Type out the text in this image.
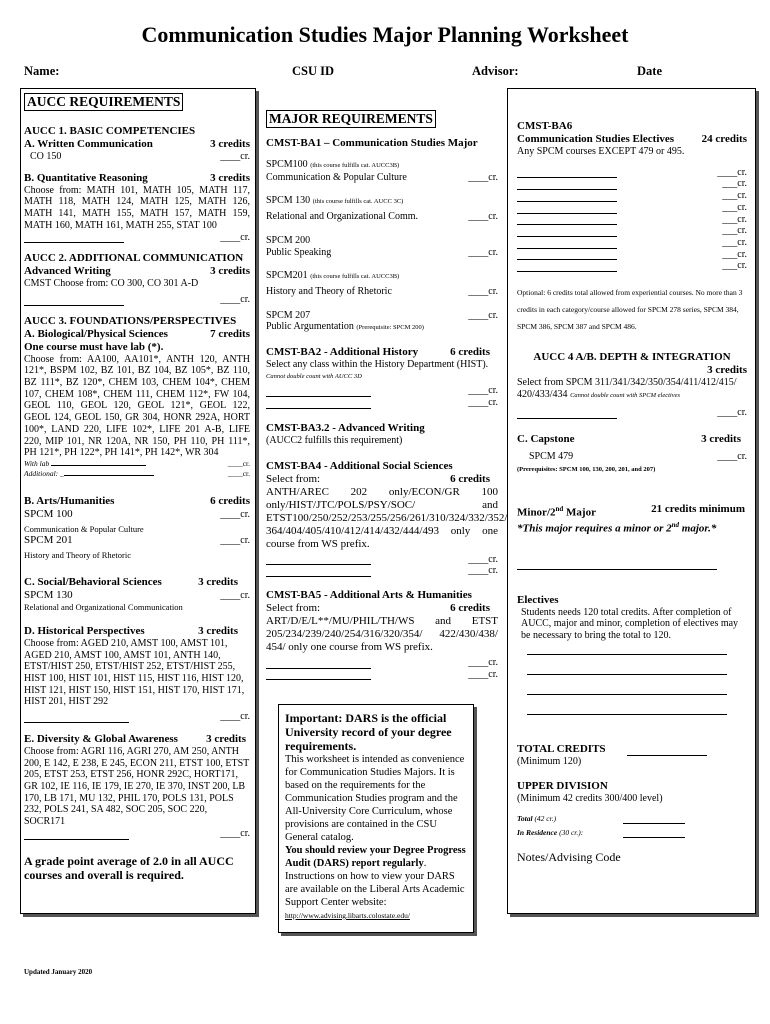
Communication Studies Major Planning Worksheet
Name:	CSU ID	Advisor:	Date
AUCC REQUIREMENTS
AUCC 1. BASIC COMPETENCIES
A. Written Communication	3 credits
CO 150	____cr.
B. Quantitative Reasoning	3 credits
Choose from: MATH 101, MATH 105, MATH 117, MATH 118, MATH 124, MATH 125, MATH 126, MATH 141, MATH 155, MATH 157, MATH 159, MATH 160, MATH 161, MATH 255, STAT 100
____cr.
AUCC 2. ADDITIONAL COMMUNICATION
Advanced Writing	3 credits
CMST Choose from: CO 300, CO 301 A-D
____cr.
AUCC 3. FOUNDATIONS/PERSPECTIVES
A. Biological/Physical Sciences	7 credits
One course must have lab (*).
Choose from: AA100, AA101*, ANTH 120, ANTH 121*, BSPM 102, BZ 101, BZ 104, BZ 105*, BZ 110, BZ 111*, BZ 120*, CHEM 103, CHEM 104*, CHEM 107, CHEM 108*, CHEM 111, CHEM 112*, FW 104, GEOL 110, GEOL 120, GEOL 121*, GEOL 122, GEOL 124, GEOL 150, GR 304, HONR 292A, HORT 100*, LAND 220, LIFE 102*, LIFE 201 A-B, LIFE 220, MIP 101, NR 120A, NR 150, PH 110, PH 111*, PH 121*, PH 122*, PH 141*, PH 142*, WR 304
With lab	____cr.
Additional: _	____cr.
B. Arts/Humanities	6 credits
SPCM 100	____cr.
Communication & Popular Culture
SPCM 201	____cr.
History and Theory of Rhetoric
C. Social/Behavioral Sciences	3 credits
SPCM 130	____cr.
Relational and Organizational Communication
D. Historical Perspectives	3 credits
Choose from: AGED 210, AMST 100, AMST 101, AGED 210, AMST 100, AMST 101, ANTH 140, ETST/HIST 250, ETST/HIST 252, ETST/HIST 255, HIST 100, HIST 101, HIST 115, HIST 116, HIST 120, HIST 121, HIST 150, HIST 151, HIST 170, HIST 171, HIST 201, HIST 292
____cr.
E. Diversity & Global Awareness	3 credits
Choose from: AGRI 116, AGRI 270, AM 250, ANTH 200, E 142, E 238, E 245, ECON 211, ETST 100, ETST 205, ETST 253, ETST 256, HONR 292C, HORT171, GR 102, IE 116, IE 179, IE 270, IE 370, INST 200, LB 170, LB 171, MU 132, PHIL 170, POLS 131, POLS 232, POLS 241, SA 482, SOC 205, SOC 220, SOCR171
____cr.
A grade point average of 2.0 in all AUCC courses and overall is required.
Updated January 2020
MAJOR REQUIREMENTS
CMST-BA1 – Communication Studies Major
SPCM100 (this course fulfills cat. AUCC3B)
Communication & Popular Culture	____cr.
SPCM 130 (this course fulfills cat. AUCC 3C)
Relational and Organizational Comm.	____cr.
SPCM 200
Public Speaking	____cr.
SPCM201 (this course fulfills cat. AUCC3B)
History and Theory of Rhetoric	____cr.
SPCM 207	____cr.
Public Argumentation (Prerequisite: SPCM 200)
CMST-BA2 - Additional History	6 credits
Select any class within the History Department (HIST).
Cannot double count with AUCC 3D
____cr.
____cr.
CMST-BA3.2 - Advanced Writing
(AUCC2 fulfills this requirement)
CMST-BA4 - Additional Social Sciences
Select from:	6 credits
ANTH/AREC 202 only/ECON/GR 100 only/HIST/JTC/POLS/PSY/SOC/ and ETST100/250/252/253/255/256/261/310/324/332/352/ 364/404/405/410/412/414/432/444/493 only one course from WS prefix.
____cr.
____cr.
CMST-BA5 - Additional Arts & Humanities
Select from:	6 credits
ART/D/E/L**/MU/PHIL/TH/WS and ETST 205/234/239/240/254/316/320/354/ 422/430/438/ 454/ only one course from WS prefix.
____cr.
____cr.
Important: DARS is the official University record of your degree requirements.
This worksheet is intended as convenience for Communication Studies Majors. It is based on the requirements for the Communication Studies program and the All-University Core Curriculum, whose provisions are contained in the CSU General catalog.
You should review your Degree Progress Audit (DARS) report regularly. Instructions on how to view your DARS are available on the Liberal Arts Academic Support Center website:
http://www.advising.libarts.colostate.edu/
CMST-BA6
Communication Studies Electives	24 credits
Any SPCM courses EXCEPT 479 or 495.
____cr.
___cr.
___cr.
___cr.
___cr.
___cr.
___cr.
___cr.
___cr.
Optional: 6 credits total allowed from experiential courses. No more than 3 credits in each category/course allowed for SPCM 278 series, SPCM 384, SPCM 386, SPCM 387 and SPCM 486.
AUCC 4 A/B. DEPTH & INTEGRATION
3 credits
Select from SPCM 311/341/342/350/354/411/412/415/ 420/433/434 Cannot double count with SPCM electives
____cr.
C. Capstone	3 credits
SPCM 479	____cr.
(Prerequisites: SPCM 100, 130, 200, 201, and 207)
Minor/2nd Major	21 credits minimum
*This major requires a minor or 2nd major.*
Electives
Students needs 120 total credits. After completion of AUCC, major and minor, completion of electives may be necessary to bring the total to 120.
TOTAL CREDITS
(Minimum 120)
UPPER DIVISION
(Minimum 42 credits 300/400 level)
Total (42 cr.)
In Residence (30 cr.):
Notes/Advising Code
